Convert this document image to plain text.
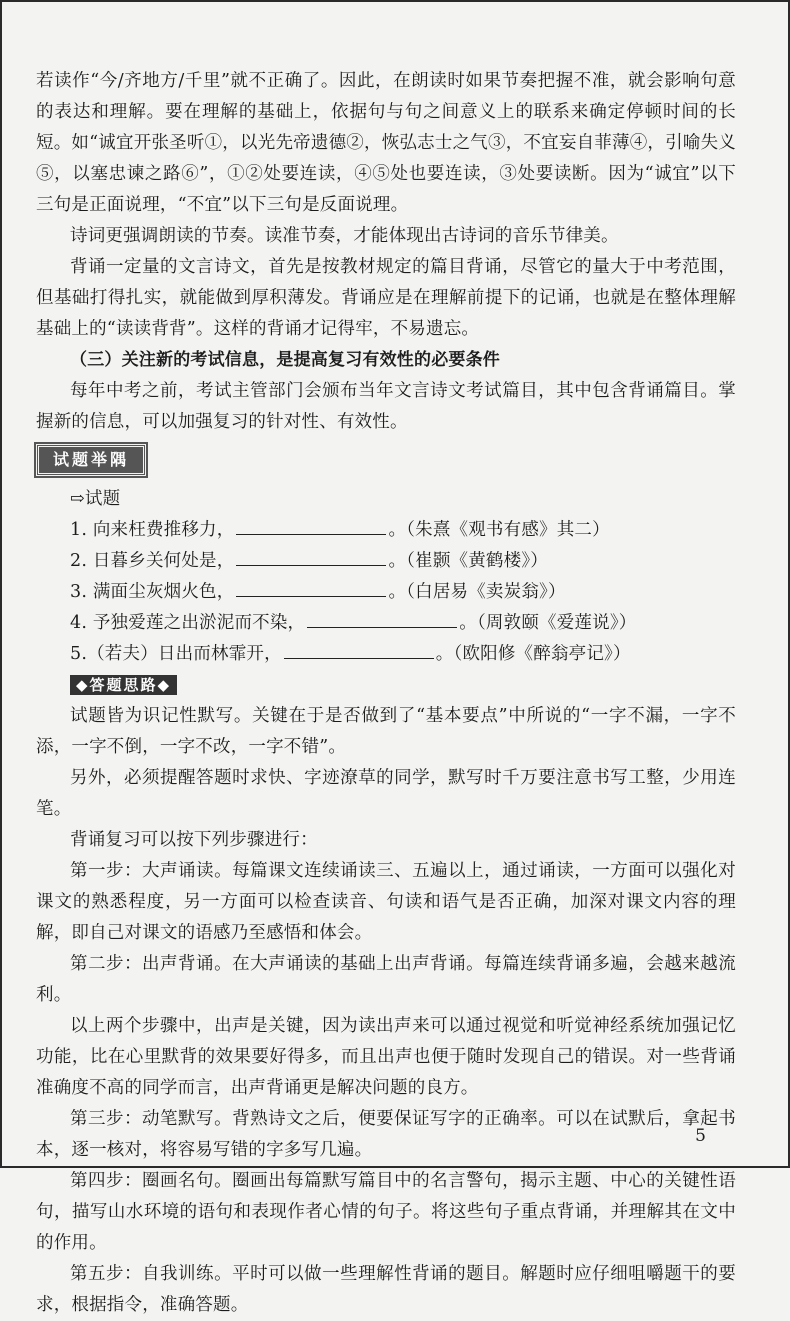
若读作“今/齐地方/千里”就不正确了。因此，在朗读时如果节奏把握不准，就会影响句意的表达和理解。要在理解的基础上，依据句与句之间意义上的联系来确定停顿时间的长短。如“诚宜开张圣听①，以光先帝遗德②，恢弘志士之气③，不宜妄自菲薄④，引喻失义⑤，以塞忠谏之路⑥”，①②处要连读，④⑤处也要连读，③处要读断。因为“诚宜”以下三句是正面说理，“不宜”以下三句是反面说理。

诗词更强调朗读的节奏。读准节奏，才能体现出古诗词的音乐节律美。

背诵一定量的文言诗文，首先是按教材规定的篇目背诵，尽管它的量大于中考范围，但基础打得扎实，就能做到厚积薄发。背诵应是在理解前提下的记诵，也就是在整体理解基础上的“读读背背”。这样的背诵才记得牢，不易遗忘。

（三）关注新的考试信息，是提高复习有效性的必要条件

每年中考之前，考试主管部门会颁布当年文言诗文考试篇目，其中包含背诵篇目。掌握新的信息，可以加强复习的针对性、有效性。

试题举隅

⇨试题

1. 向来枉费推移力，	。（朱熹《观书有感》其二）

2. 日暮乡关何处是，	。（崔颢《黄鹤楼》）

3. 满面尘灰烟火色，	。（白居易《卖炭翁》）

4. 予独爱莲之出淤泥而不染，	。（周敦颐《爱莲说》）

5.（若夫）日出而林霏开，	。（欧阳修《醉翁亭记》）

◆答题思路◆

试题皆为识记性默写。关键在于是否做到了“基本要点”中所说的“一字不漏，一字不添，一字不倒，一字不改，一字不错”。

另外，必须提醒答题时求快、字迹潦草的同学，默写时千万要注意书写工整，少用连笔。

背诵复习可以按下列步骤进行：

第一步：大声诵读。每篇课文连续诵读三、五遍以上，通过诵读，一方面可以强化对课文的熟悉程度，另一方面可以检查读音、句读和语气是否正确，加深对课文内容的理解，即自己对课文的语感乃至感悟和体会。

第二步：出声背诵。在大声诵读的基础上出声背诵。每篇连续背诵多遍，会越来越流利。

以上两个步骤中，出声是关键，因为读出声来可以通过视觉和听觉神经系统加强记忆功能，比在心里默背的效果要好得多，而且出声也便于随时发现自己的错误。对一些背诵准确度不高的同学而言，出声背诵更是解决问题的良方。

第三步：动笔默写。背熟诗文之后，便要保证写字的正确率。可以在试默后，拿起书本，逐一核对，将容易写错的字多写几遍。

第四步：圈画名句。圈画出每篇默写篇目中的名言警句，揭示主题、中心的关键性语句，描写山水环境的语句和表现作者心情的句子。将这些句子重点背诵，并理解其在文中的作用。

第五步：自我训练。平时可以做一些理解性背诵的题目。解题时应仔细咀嚼题干的要求，根据指令，准确答题。

5
